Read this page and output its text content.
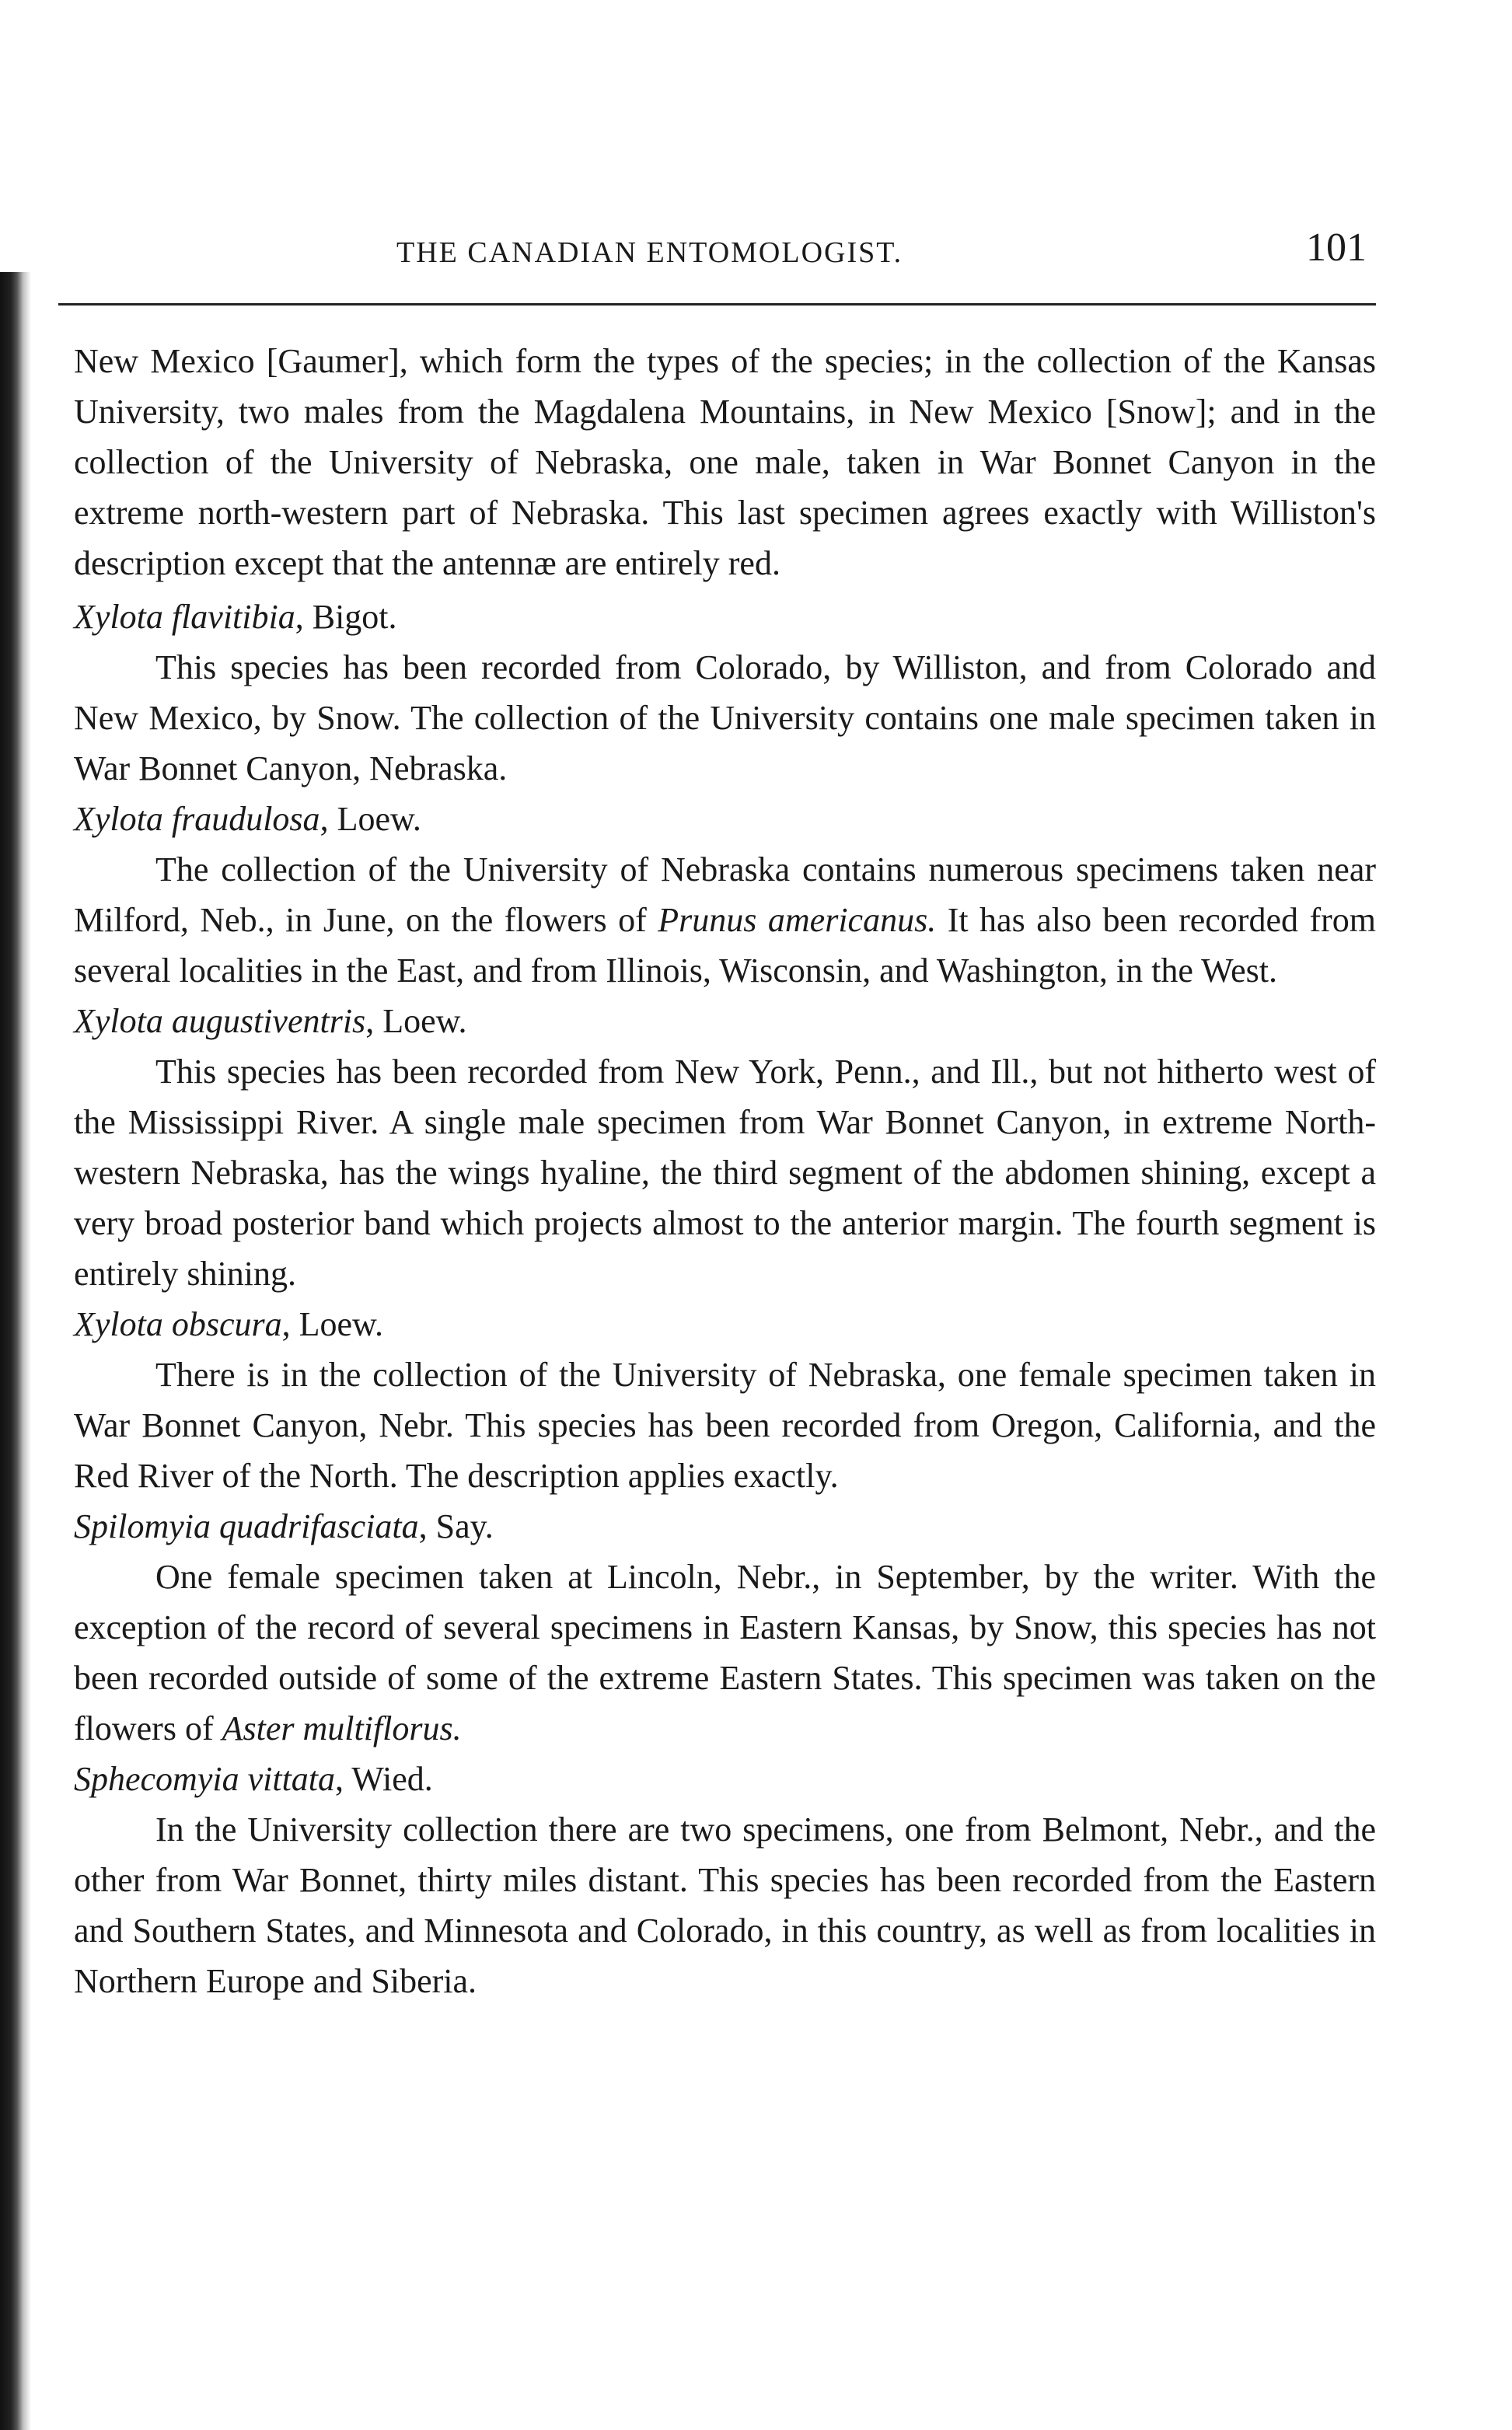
THE CANADIAN ENTOMOLOGIST.	101

New Mexico [Gaumer], which form the types of the species; in the collection of the Kansas University, two males from the Magdalena Mountains, in New Mexico [Snow]; and in the collection of the University of Nebraska, one male, taken in War Bonnet Canyon in the extreme north-western part of Nebraska. This last specimen agrees exactly with Williston's description except that the antennæ are entirely red.

Xylota flavitibia, Bigot.

This species has been recorded from Colorado, by Williston, and from Colorado and New Mexico, by Snow. The collection of the University contains one male specimen taken in War Bonnet Canyon, Nebraska.

Xylota fraudulosa, Loew.

The collection of the University of Nebraska contains numerous specimens taken near Milford, Neb., in June, on the flowers of Prunus americanus. It has also been recorded from several localities in the East, and from Illinois, Wisconsin, and Washington, in the West.

Xylota augustiventris, Loew.

This species has been recorded from New York, Penn., and Ill., but not hitherto west of the Mississippi River. A single male specimen from War Bonnet Canyon, in extreme North-western Nebraska, has the wings hyaline, the third segment of the abdomen shining, except a very broad posterior band which projects almost to the anterior margin. The fourth segment is entirely shining.

Xylota obscura, Loew.

There is in the collection of the University of Nebraska, one female specimen taken in War Bonnet Canyon, Nebr. This species has been recorded from Oregon, California, and the Red River of the North. The description applies exactly.

Spilomyia quadrifasciata, Say.

One female specimen taken at Lincoln, Nebr., in September, by the writer. With the exception of the record of several specimens in Eastern Kansas, by Snow, this species has not been recorded outside of some of the extreme Eastern States. This specimen was taken on the flowers of Aster multiflorus.

Sphecomyia vittata, Wied.

In the University collection there are two specimens, one from Belmont, Nebr., and the other from War Bonnet, thirty miles distant. This species has been recorded from the Eastern and Southern States, and Minnesota and Colorado, in this country, as well as from localities in Northern Europe and Siberia.
